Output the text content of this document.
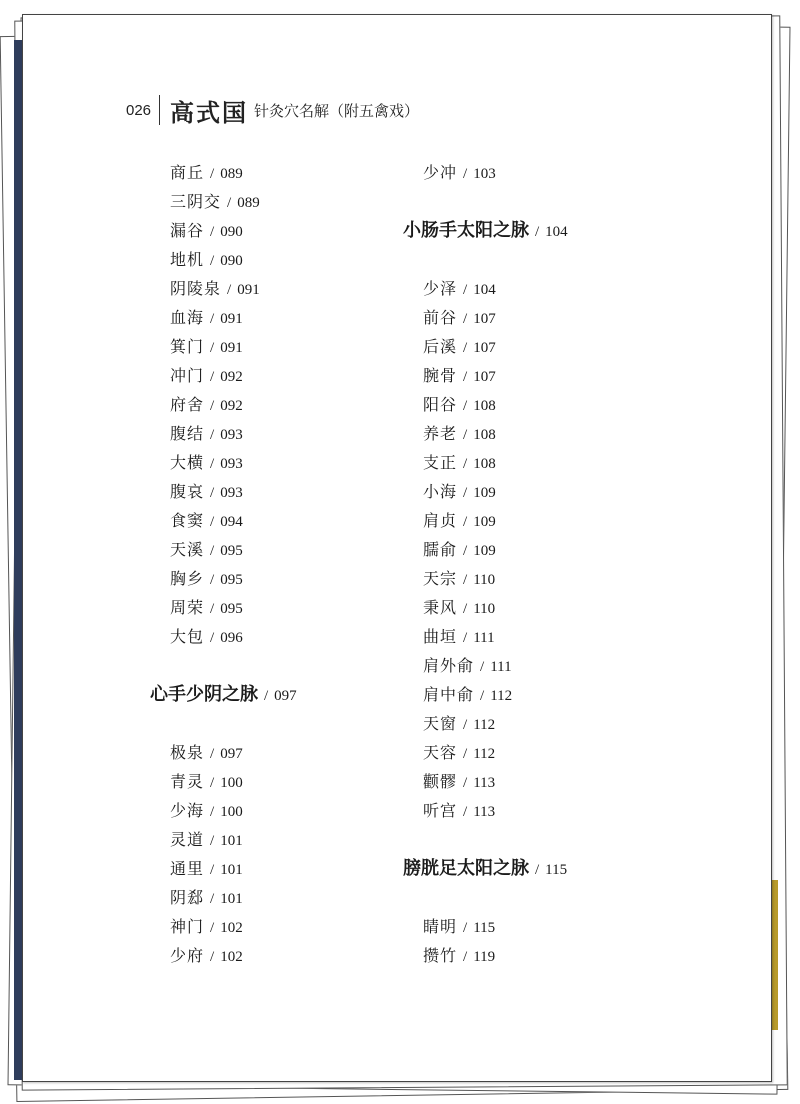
026 高式国 针灸穴名解（附五禽戏）
商丘 / 089
三阴交 / 089
漏谷 / 090
地机 / 090
阴陵泉 / 091
血海 / 091
箕门 / 091
冲门 / 092
府舍 / 092
腹结 / 093
大横 / 093
腹哀 / 093
食窦 / 094
天溪 / 095
胸乡 / 095
周荣 / 095
大包 / 096
心手少阴之脉 / 097
极泉 / 097
青灵 / 100
少海 / 100
灵道 / 101
通里 / 101
阴郄 / 101
神门 / 102
少府 / 102
少冲 / 103
小肠手太阳之脉 / 104
少泽 / 104
前谷 / 107
后溪 / 107
腕骨 / 107
阳谷 / 108
养老 / 108
支正 / 108
小海 / 109
肩贞 / 109
臑俞 / 109
天宗 / 110
秉风 / 110
曲垣 / 111
肩外俞 / 111
肩中俞 / 112
天窗 / 112
天容 / 112
颧髎 / 113
听宫 / 113
膀胱足太阳之脉 / 115
睛明 / 115
攒竹 / 119
